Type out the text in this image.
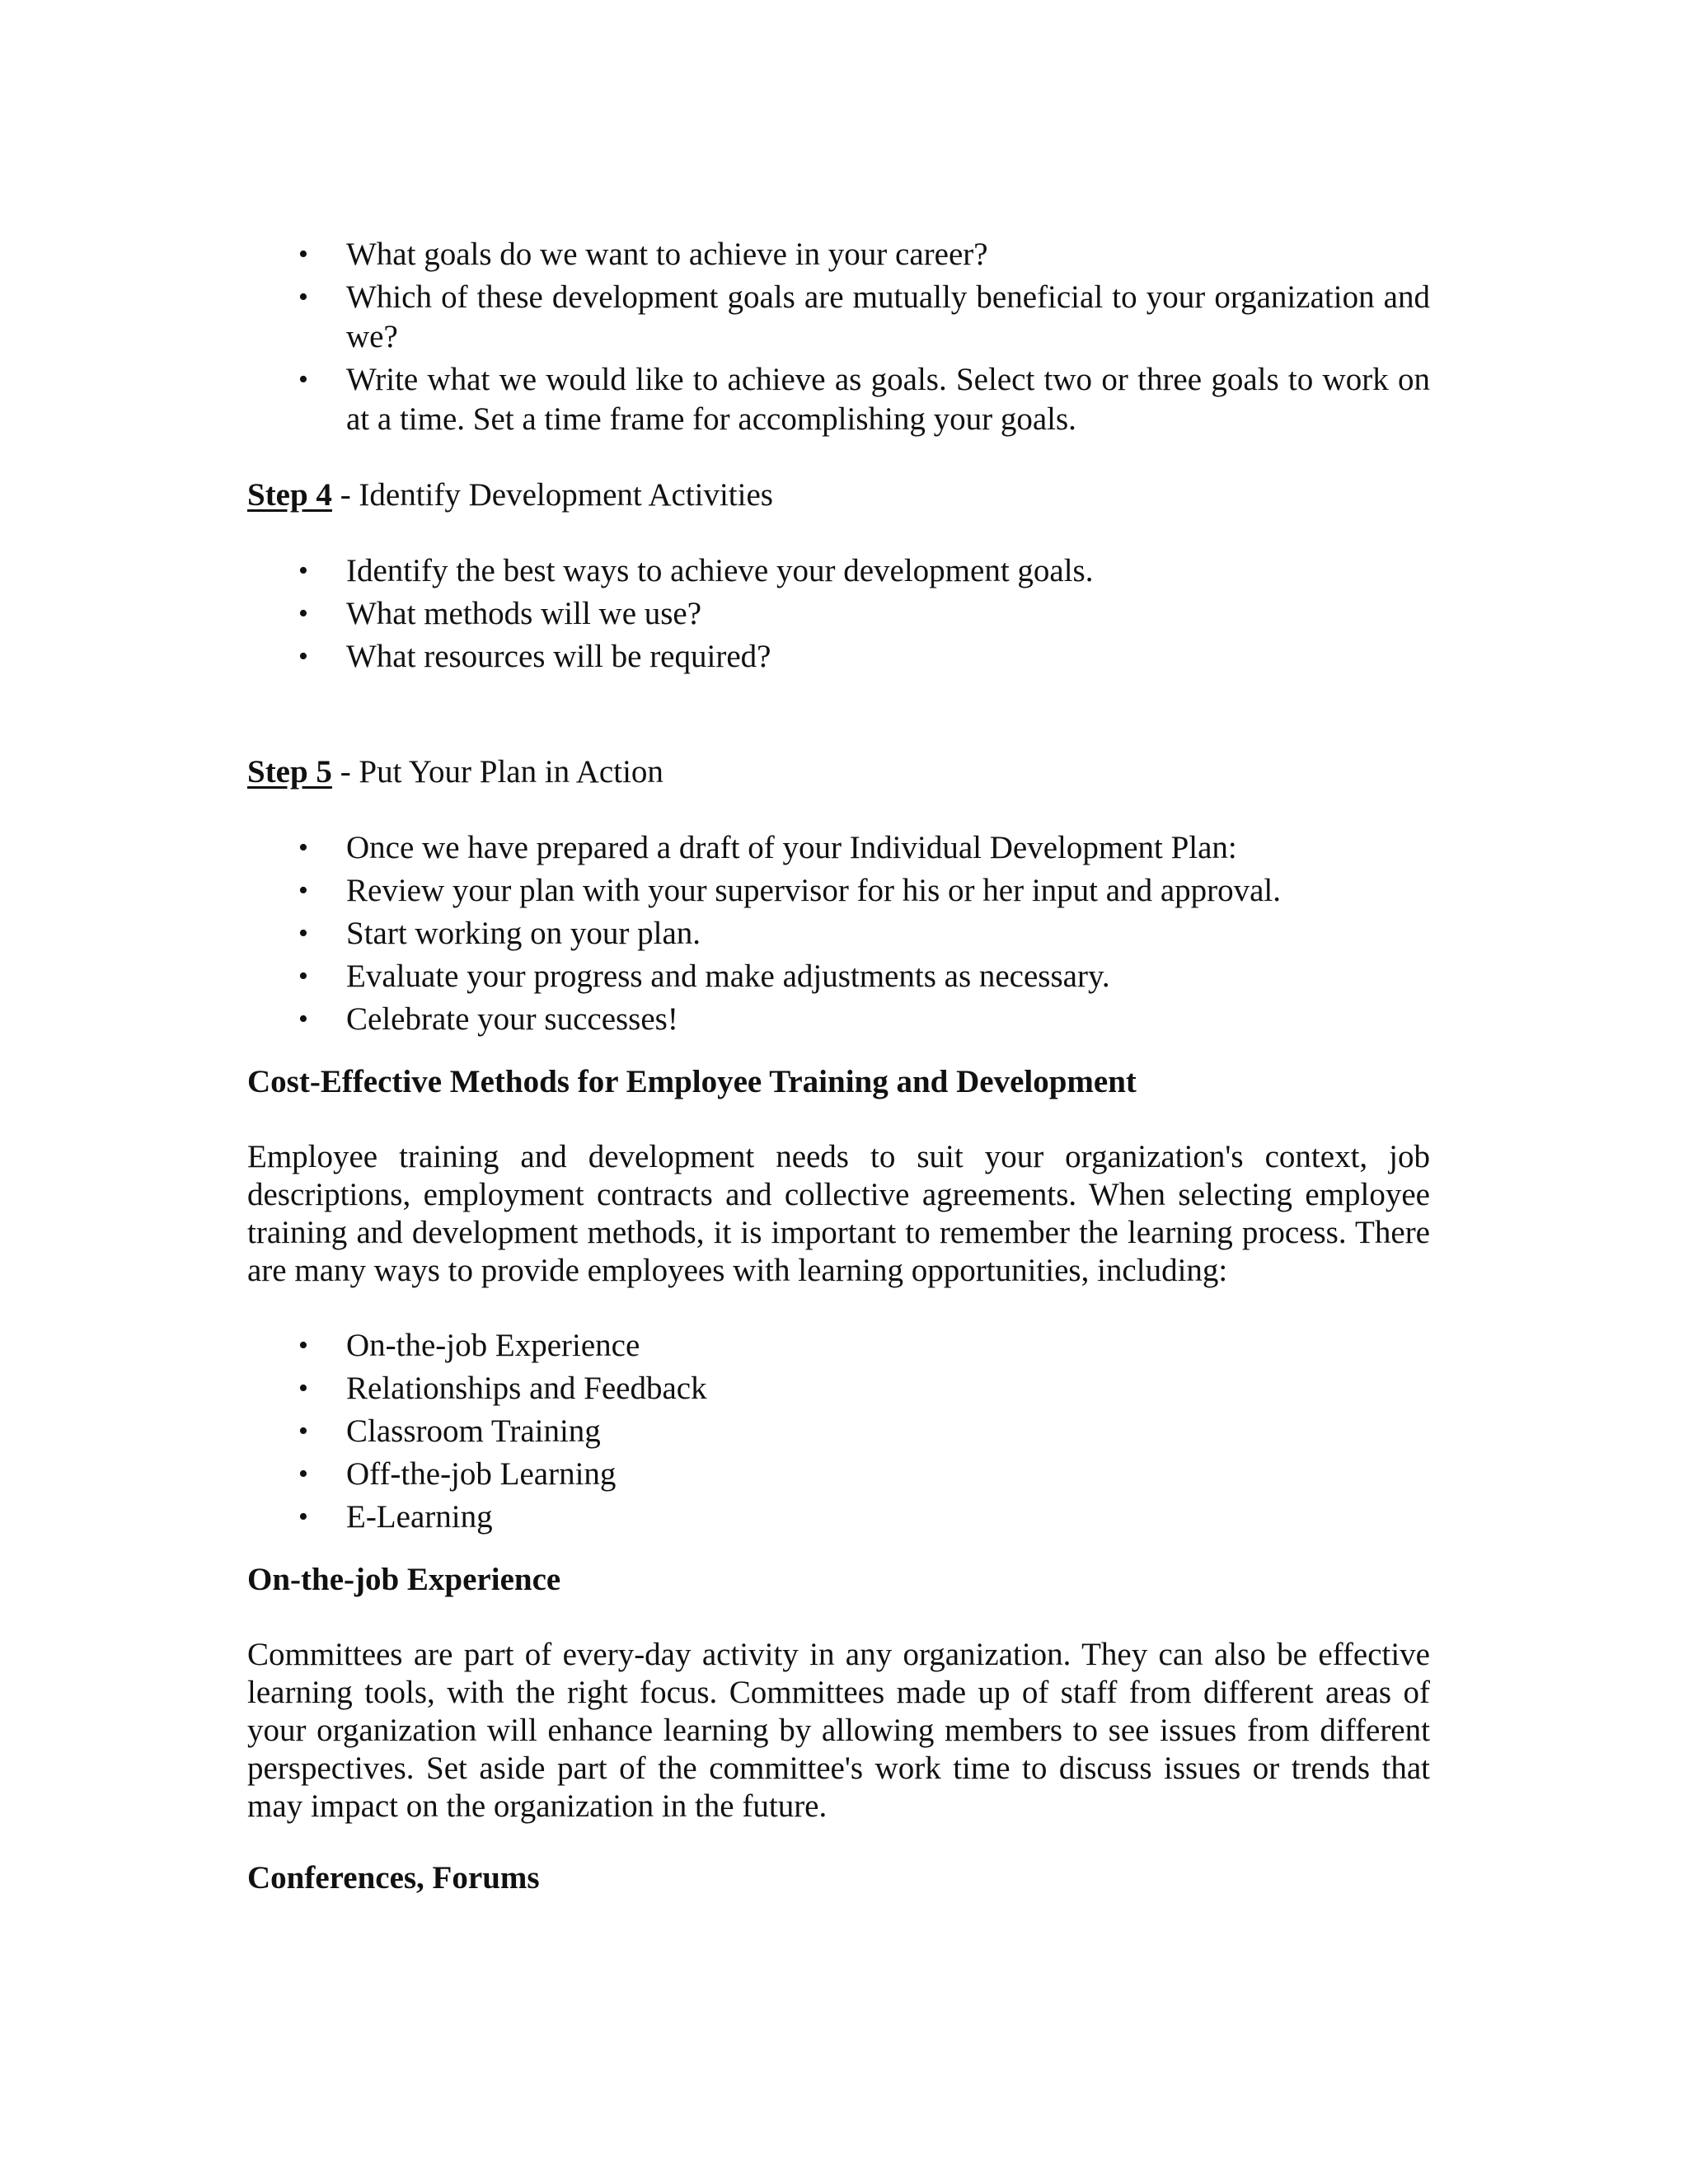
• What goals do we want to achieve in your career?
• Which of these development goals are mutually beneficial to your organization and we?
• Write what we would like to achieve as goals. Select two or three goals to work on at a time. Set a time frame for accomplishing your goals.

Step 4 - Identify Development Activities

• Identify the best ways to achieve your development goals.
• What methods will we use?
• What resources will be required?

Step 5 - Put Your Plan in Action

• Once we have prepared a draft of your Individual Development Plan:
• Review your plan with your supervisor for his or her input and approval.
• Start working on your plan.
• Evaluate your progress and make adjustments as necessary.
• Celebrate your successes!

Cost-Effective Methods for Employee Training and Development

Employee training and development needs to suit your organization's context, job descriptions, employment contracts and collective agreements. When selecting employee training and development methods, it is important to remember the learning process. There are many ways to provide employees with learning opportunities, including:

• On-the-job Experience
• Relationships and Feedback
• Classroom Training
• Off-the-job Learning
• E-Learning

On-the-job Experience

Committees are part of every-day activity in any organization. They can also be effective learning tools, with the right focus. Committees made up of staff from different areas of your organization will enhance learning by allowing members to see issues from different perspectives. Set aside part of the committee's work time to discuss issues or trends that may impact on the organization in the future.

Conferences, Forums
